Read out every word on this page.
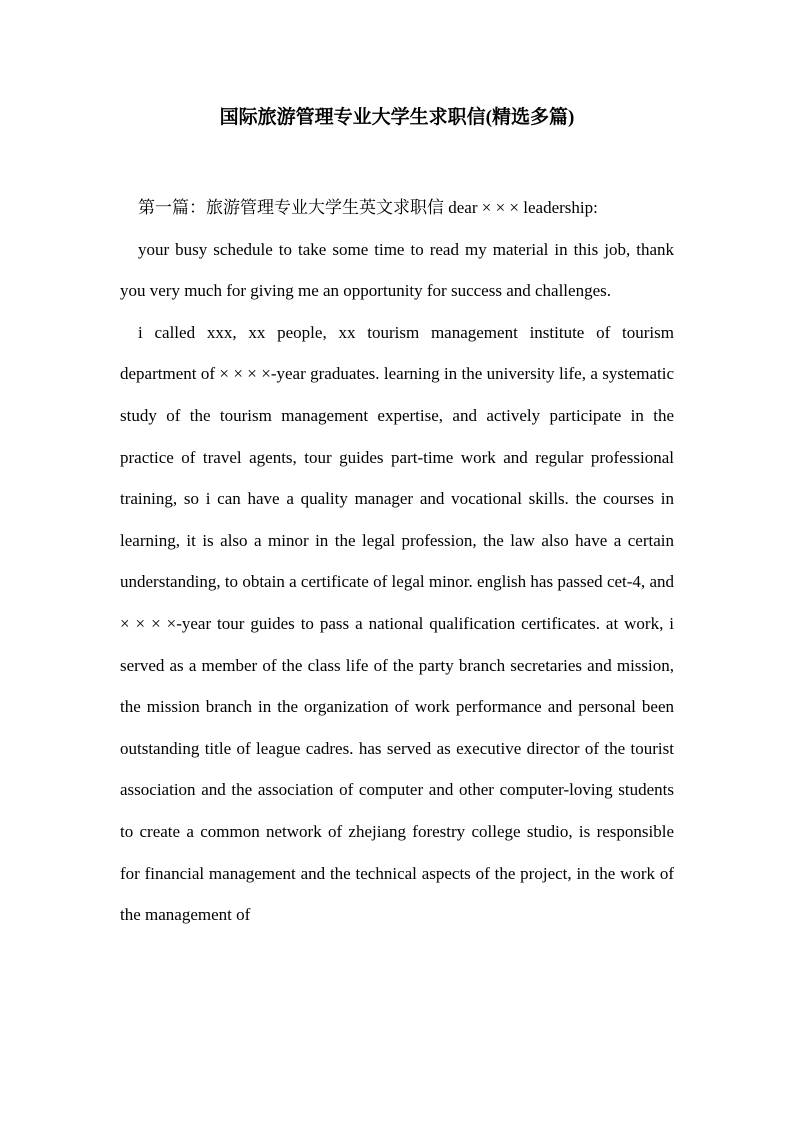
国际旅游管理专业大学生求职信(精选多篇)

第一篇：旅游管理专业大学生英文求职信 dear × × × leadership:

your busy schedule to take some time to read my material in this job, thank you very much for giving me an opportunity for success and challenges.

i called xxx, xx people, xx tourism management institute of tourism department of × × × ×-year graduates. learning in the university life, a systematic study of the tourism management expertise, and actively participate in the practice of travel agents, tour guides part-time work and regular professional training, so i can have a quality manager and vocational skills. the courses in learning, it is also a minor in the legal profession, the law also have a certain understanding, to obtain a certificate of legal minor. english has passed cet-4, and × × × ×-year tour guides to pass a national qualification certificates. at work, i served as a member of the class life of the party branch secretaries and mission, the mission branch in the organization of work performance and personal been outstanding title of league cadres. has served as executive director of the tourist association and the association of computer and other computer-loving students to create a common network of zhejiang forestry college studio, is responsible for financial management and the technical aspects of the project, in the work of the management of
